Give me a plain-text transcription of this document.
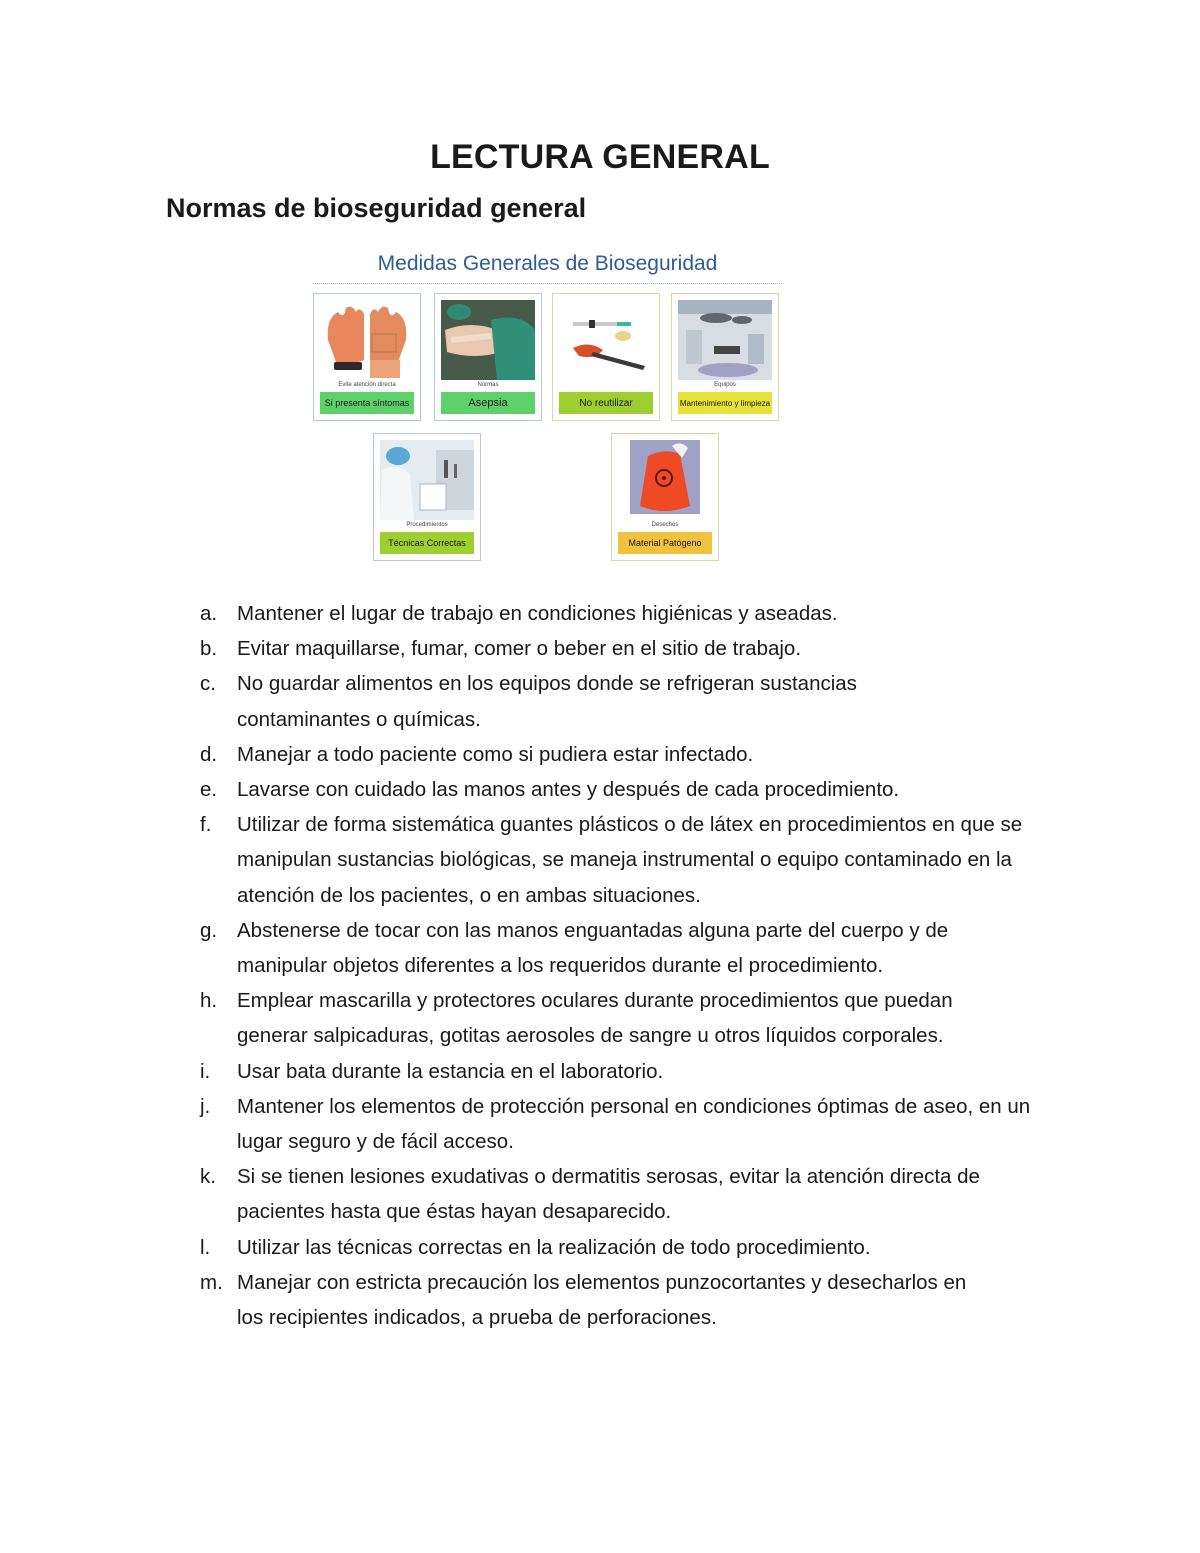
LECTURA GENERAL
Normas de bioseguridad general
Medidas Generales de Bioseguridad
Evite atención directa
Si presenta síntomas
Normas
Asepsia	No reutilizar
Equipos
Mantenimiento y limpieza
Procedimientos
Técnicas Correctas
Desechos
Material Patógeno
a. Mantener el lugar de trabajo en condiciones higiénicas y aseadas.
b. Evitar maquillarse, fumar, comer o beber en el sitio de trabajo.
c. No guardar alimentos en los equipos donde se refrigeran sustancias contaminantes o químicas.
d. Manejar a todo paciente como si pudiera estar infectado.
e. Lavarse con cuidado las manos antes y después de cada procedimiento.
f. Utilizar de forma sistemática guantes plásticos o de látex en procedimientos en que se manipulan sustancias biológicas, se maneja instrumental o equipo contaminado en la atención de los pacientes, o en ambas situaciones.
g. Abstenerse de tocar con las manos enguantadas alguna parte del cuerpo y de manipular objetos diferentes a los requeridos durante el procedimiento.
h. Emplear mascarilla y protectores oculares durante procedimientos que puedan generar salpicaduras, gotitas aerosoles de sangre u otros líquidos corporales.
i. Usar bata durante la estancia en el laboratorio.
j. Mantener los elementos de protección personal en condiciones óptimas de aseo, en un lugar seguro y de fácil acceso.
k. Si se tienen lesiones exudativas o dermatitis serosas, evitar la atención directa de pacientes hasta que éstas hayan desaparecido.
l. Utilizar las técnicas correctas en la realización de todo procedimiento.
m. Manejar con estricta precaución los elementos punzocortantes y desecharlos en los recipientes indicados, a prueba de perforaciones.
